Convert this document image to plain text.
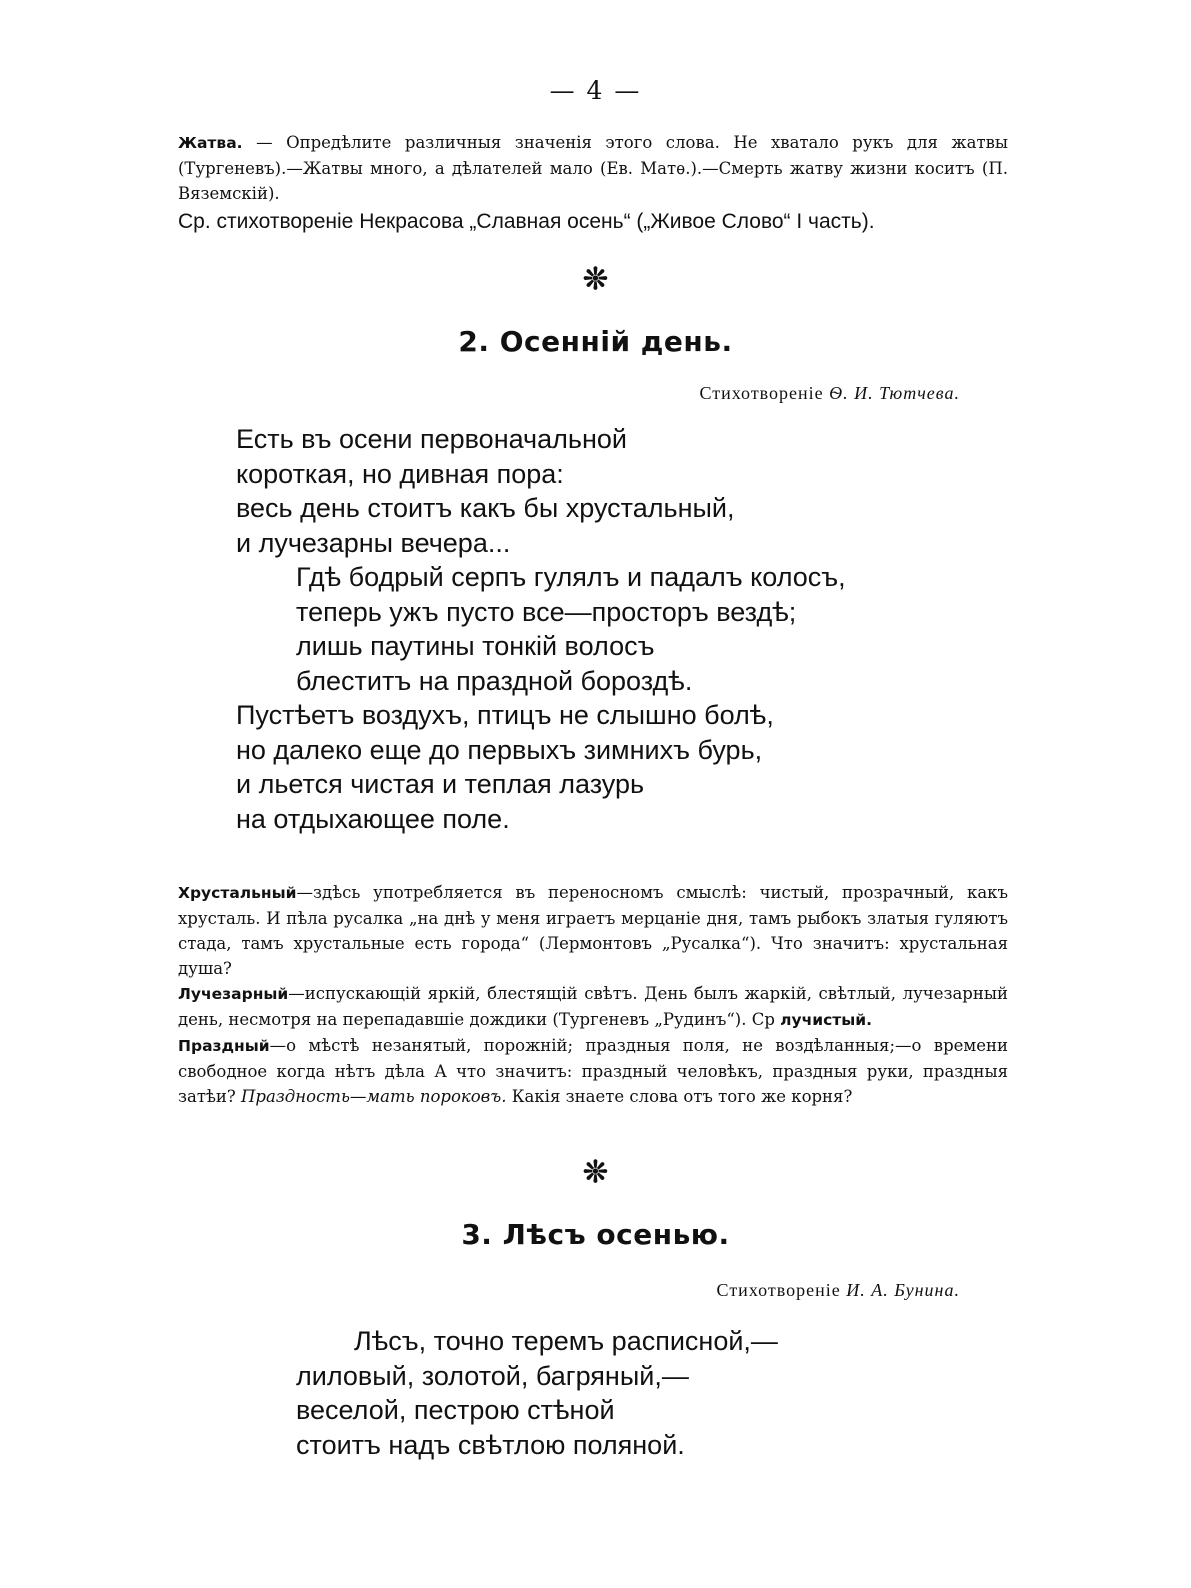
— 4 —

Жатва. — Опредѣлите различныя значенія этого слова. Не хватало рукъ для жатвы (Тургеневъ).—Жатвы много, а дѣлателей мало (Ев. Матѳ.).—Смерть жатву жизни коситъ (П. Вяземскій).

Ср. стихотвореніе Некрасова „Славная осень“ („Живое Слово“ I часть).
❊
2. Осенній день.
Стихотвореніе Ѳ. И. Тютчева.
Есть въ осени первоначальной
короткая, но дивная пора:
весь день стоитъ какъ бы хрустальный,
и лучезарны вечера...
Гдѣ бодрый серпъ гулялъ и падалъ колосъ,
теперь ужъ пусто все—просторъ вездѣ;
лишь паутины тонкій волосъ
блеститъ на праздной бороздѣ.
Пустѣетъ воздухъ, птицъ не слышно болѣ,
но далеко еще до первыхъ зимнихъ бурь,
и льется чистая и теплая лазурь
на отдыхающее поле.

Хрустальный—здѣсь употребляется въ переносномъ смыслѣ: чистый, прозрачный, какъ хрусталь. И пѣла русалка „на днѣ у меня играетъ мерцаніе дня, тамъ рыбокъ златыя гуляютъ стада, тамъ хрустальные есть города“ (Лермонтовъ „Русалка“). Что значитъ: хрустальная душа?

Лучезарный—испускающій яркій, блестящій свѣтъ. День былъ жаркій, свѣтлый, лучезарный день, несмотря на перепадавшіе дождики (Тургеневъ „Рудинъ“). Ср лучистый.

Праздный—о мѣстѣ незанятый, порожній; праздныя поля, не воздѣланныя;—о времени свободное когда нѣтъ дѣла А что значитъ: праздный человѣкъ, праздныя руки, праздныя затѣи? Праздность—мать пороковъ. Какія знаете слова отъ того же корня?

❊
3. Лѣсъ осенью.
Стихотвореніе И. А. Бунина.
Лѣсъ, точно теремъ расписной,—
лиловый, золотой, багряный,—
веселой, пестрою стѣной
стоитъ надъ свѣтлою поляной.
